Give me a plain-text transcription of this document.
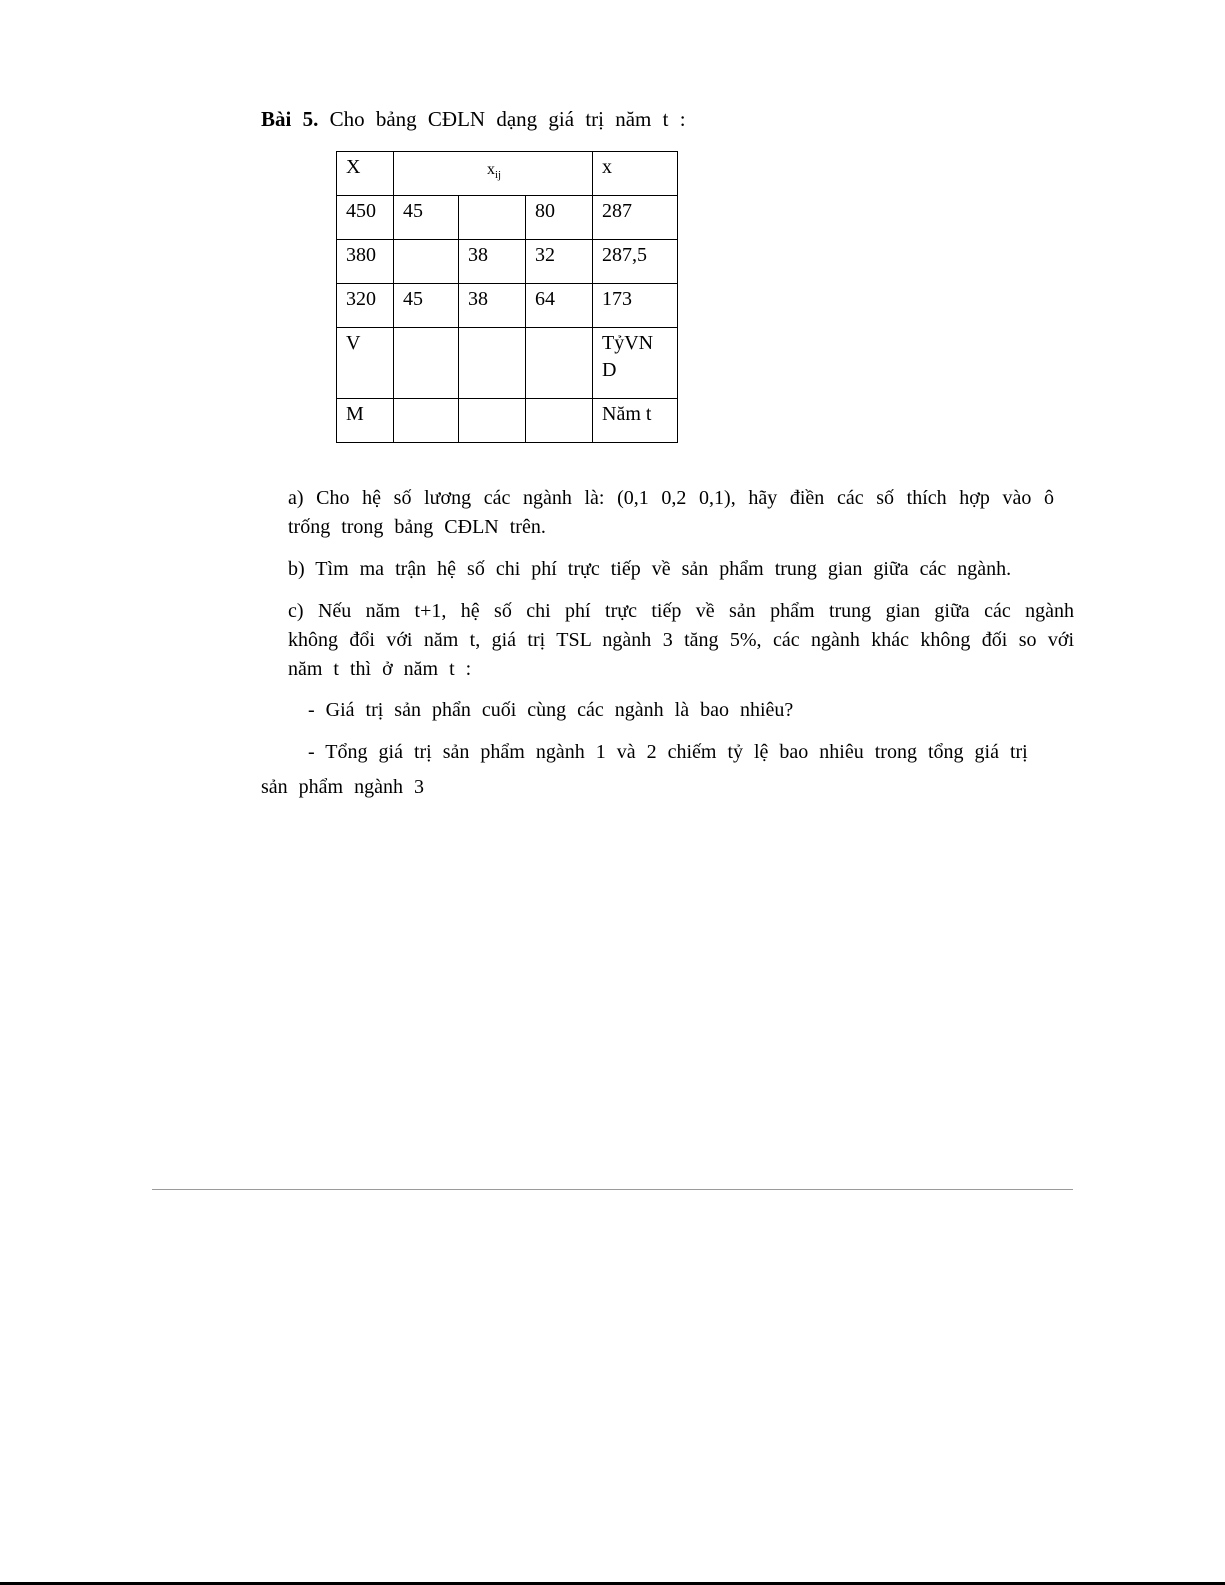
Bài 5. Cho bảng CĐLN dạng giá trị năm t :
X	$x_{ij}$			x
450	45		80	287
380		38	32	287,5
320	45	38	64	173
V				TỷVN D
M				Năm t
a) Cho hệ số lương các ngành là: (0,1 0,2 0,1), hãy điền các số thích hợp vào ô trống trong bảng CĐLN trên.
b) Tìm ma trận hệ số chi phí trực tiếp về sản phẩm trung gian giữa các ngành.
c) Nếu năm t+1, hệ số chi phí trực tiếp về sản phẩm trung gian giữa các ngành không đổi với năm t, giá trị TSL ngành 3 tăng 5%, các ngành khác không đối so với năm t thì ở năm t :
- Giá trị sản phẩn cuối cùng các ngành là bao nhiêu?
- Tổng giá trị sản phẩm ngành 1 và 2 chiếm tỷ lệ bao nhiêu trong tổng giá trị
sản phẩm ngành 3
